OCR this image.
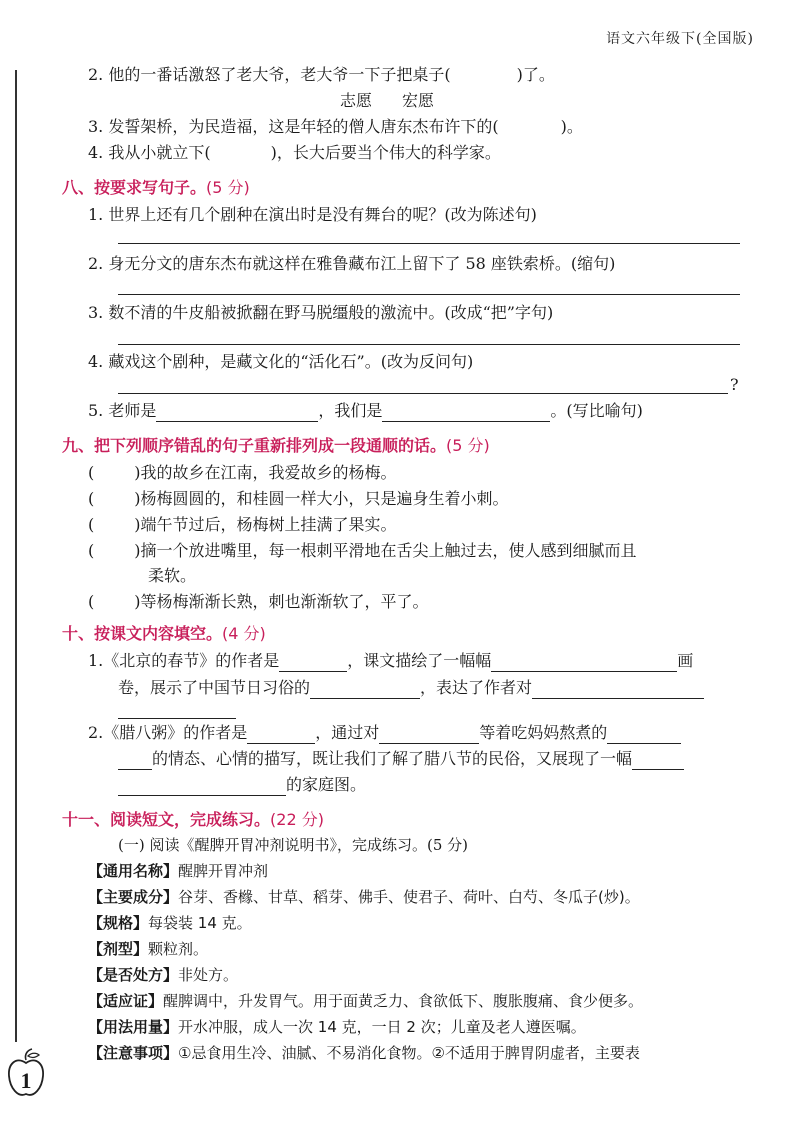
语文六年级下(全国版)
2. 他的一番话激怒了老大爷，老大爷一下子把桌子(	)了。
志愿 宏愿
3. 发誓架桥，为民造福，这是年轻的僧人唐东杰布许下的(	)。
4. 我从小就立下(	)，长大后要当个伟大的科学家。
八、按要求写句子。(5 分)
1. 世界上还有几个剧种在演出时是没有舞台的呢？(改为陈述句)
2. 身无分文的唐东杰布就这样在雅鲁藏布江上留下了 58 座铁索桥。(缩句)
3. 数不清的牛皮船被掀翻在野马脱缰般的激流中。(改成“把”字句)
4. 藏戏这个剧种，是藏文化的“活化石”。(改为反问句)
?
5. 老师是	，我们是	。(写比喻句)
九、把下列顺序错乱的句子重新排列成一段通顺的话。(5 分)
(	)我的故乡在江南，我爱故乡的杨梅。
(	)杨梅圆圆的，和桂圆一样大小，只是遍身生着小刺。
(	)端午节过后，杨梅树上挂满了果实。
(	)摘一个放进嘴里，每一根刺平滑地在舌尖上触过去，使人感到细腻而且
柔软。
(	)等杨梅渐渐长熟，刺也渐渐软了，平了。
十、按课文内容填空。(4 分)
1.《北京的春节》的作者是	，课文描绘了一幅幅	画
卷，展示了中国节日习俗的	，表达了作者对
2.《腊八粥》的作者是	，通过对	等着吃妈妈熬煮的
的情态、心情的描写，既让我们了解了腊八节的民俗，又展现了一幅
的家庭图。
十一、阅读短文，完成练习。(22 分)
(一) 阅读《醒脾开胃冲剂说明书》，完成练习。(5 分)
【通用名称】醒脾开胃冲剂
【主要成分】谷芽、香橼、甘草、稻芽、佛手、使君子、荷叶、白芍、冬瓜子(炒)。
【规格】每袋装 14 克。
【剂型】颗粒剂。
【是否处方】非处方。
【适应证】醒脾调中，升发胃气。用于面黄乏力、食欲低下、腹胀腹痛、食少便多。
【用法用量】开水冲服，成人一次 14 克，一日 2 次；儿童及老人遵医嘱。
【注意事项】①忌食用生冷、油腻、不易消化食物。②不适用于脾胃阴虚者，主要表
1
